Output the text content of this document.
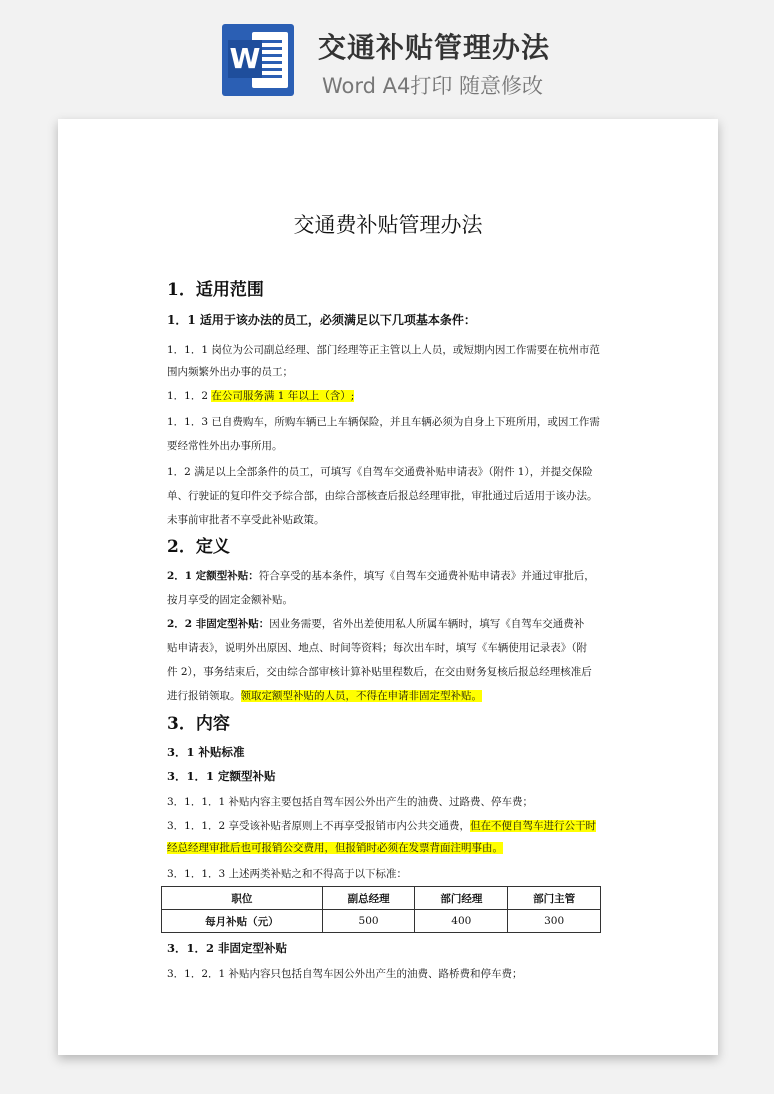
W 交通补贴管理办法
Word A4打印 随意修改

交通费补贴管理办法
1．适用范围
1．1 适用于该办法的员工，必须满足以下几项基本条件：
1．1．1 岗位为公司副总经理、部门经理等正主管以上人员，或短期内因工作需要在杭州市范
围内频繁外出办事的员工；
1．1．2 在公司服务满 1 年以上（含）;
1．1．3 已自费购车，所购车辆已上车辆保险，并且车辆必须为自身上下班所用，或因工作需
要经常性外出办事所用。
1．2 满足以上全部条件的员工，可填写《自驾车交通费补贴申请表》（附件 1），并提交保险
单、行驶证的复印件交予综合部，由综合部核查后报总经理审批，审批通过后适用于该办法。
未事前审批者不享受此补贴政策。
2．定义
2．1 定额型补贴：符合享受的基本条件，填写《自驾车交通费补贴申请表》并通过审批后，
按月享受的固定金额补贴。
2．2 非固定型补贴：因业务需要，省外出差使用私人所属车辆时，填写《自驾车交通费补
贴申请表》，说明外出原因、地点、时间等资料；每次出车时，填写《车辆使用记录表》（附
件 2），事务结束后，交由综合部审核计算补贴里程数后，在交由财务复核后报总经理核准后
进行报销领取。领取定额型补贴的人员，不得在申请非固定型补贴。
3．内容
3．1 补贴标准
3．1．1 定额型补贴
3．1．1．1 补贴内容主要包括自驾车因公外出产生的油费、过路费、停车费；
3．1．1．2 享受该补贴者原则上不再享受报销市内公共交通费，但在不便自驾车进行公干时
经总经理审批后也可报销公交费用，但报销时必须在发票背面注明事由。
3．1．1．3 上述两类补贴之和不得高于以下标准：
职位	副总经理	部门经理	部门主管
每月补贴（元）	500	400	300
3．1．2 非固定型补贴
3．1．2．1 补贴内容只包括自驾车因公外出产生的油费、路桥费和停车费；
